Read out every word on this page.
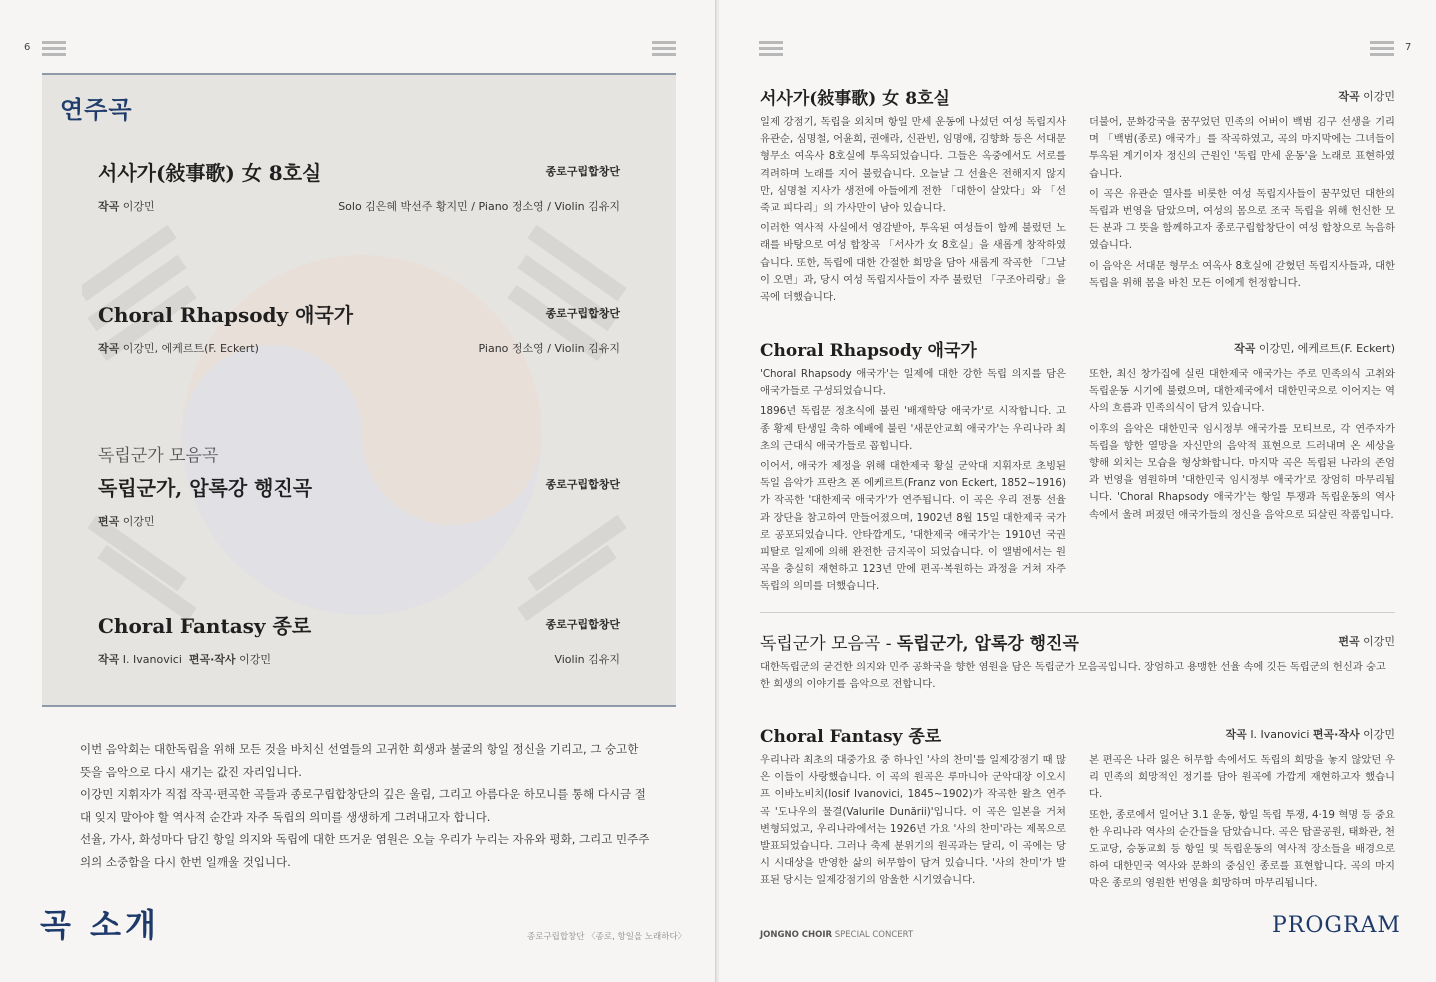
6
연주곡
서사가(敍事歌) 女 8호실	종로구립합창단
작곡 이강민	Solo 김은혜 박선주 황지민 / Piano 정소영 / Violin 김유지
Choral Rhapsody 애국가	종로구립합창단
작곡 이강민, 에케르트(F. Eckert)	Piano 정소영 / Violin 김유지
독립군가 모음곡
독립군가, 압록강 행진곡	종로구립합창단
편곡 이강민
Choral Fantasy 종로	종로구립합창단
작곡 I. Ivanovici 편곡·작사 이강민	Violin 김유지
이번 음악회는 대한독립을 위해 모든 것을 바치신 선열들의 고귀한 희생과 불굴의 항일 정신을 기리고, 그 숭고한 뜻을 음악으로 다시 새기는 값진 자리입니다.
이강민 지휘자가 직접 작곡·편곡한 곡들과 종로구립합창단의 깊은 울림, 그리고 아름다운 하모니를 통해 다시금 절대 잊지 말아야 할 역사적 순간과 자주 독립의 의미를 생생하게 그려내고자 합니다.
선율, 가사, 화성마다 담긴 항일 의지와 독립에 대한 뜨거운 염원은 오늘 우리가 누리는 자유와 평화, 그리고 민주주의의 소중함을 다시 한번 일깨울 것입니다.
곡 소개	종로구립합창단 〈종로, 항일을 노래하다〉
7
서사가(敍事歌) 女 8호실	작곡 이강민

일제 강점기, 독립을 외치며 항일 만세 운동에 나섰던 여성 독립지사 유관순, 심명철, 어윤희, 권애라, 신관빈, 임명애, 김향화 등은 서대문 형무소 여옥사 8호실에 투옥되었습니다. 그들은 옥중에서도 서로를 격려하며 노래를 지어 불렀습니다. 오늘날 그 선율은 전해지지 않지만, 심명철 지사가 생전에 아들에게 전한 「대한이 살았다」와 「선죽교 피다리」의 가사만이 남아 있습니다.

이러한 역사적 사실에서 영감받아, 투옥된 여성들이 함께 불렀던 노래를 바탕으로 여성 합창곡 「서사가 女 8호실」을 새롭게 창작하였습니다. 또한, 독립에 대한 간절한 희망을 담아 새롭게 작곡한 「그날이 오면」과, 당시 여성 독립지사들이 자주 불렀던 「구조아리랑」을 곡에 더했습니다.

더불어, 문화강국을 꿈꾸었던 민족의 어버이 백범 김구 선생을 기리며 「백범(종로) 애국가」를 작곡하였고, 곡의 마지막에는 그녀들이 투옥된 계기이자 정신의 근원인 '독립 만세 운동'을 노래로 표현하였습니다.

이 곡은 유관순 열사를 비롯한 여성 독립지사들이 꿈꾸었던 대한의 독립과 번영을 담았으며, 여성의 몸으로 조국 독립을 위해 헌신한 모든 분과 그 뜻을 함께하고자 종로구립합창단이 여성 합창으로 녹음하였습니다.

이 음악은 서대문 형무소 여옥사 8호실에 갇혔던 독립지사들과, 대한독립을 위해 몸을 바친 모든 이에게 헌정합니다.

Choral Rhapsody 애국가	작곡 이강민, 에케르트(F. Eckert)

'Choral Rhapsody 애국가'는 일제에 대한 강한 독립 의지를 담은 애국가들로 구성되었습니다.

1896년 독립문 정초식에 불린 '배재학당 애국가'로 시작합니다. 고종 황제 탄생일 축하 예배에 불린 '새문안교회 애국가'는 우리나라 최초의 근대식 애국가들로 꼽힙니다.

이어서, 애국가 제정을 위해 대한제국 황실 군악대 지휘자로 초빙된 독일 음악가 프란츠 폰 에케르트(Franz von Eckert, 1852~1916)가 작곡한 '대한제국 애국가'가 연주됩니다. 이 곡은 우리 전통 선율과 장단을 참고하여 만들어졌으며, 1902년 8월 15일 대한제국 국가로 공포되었습니다. 안타깝게도, '대한제국 애국가'는 1910년 국권 피탈로 일제에 의해 완전한 금지곡이 되었습니다. 이 앨범에서는 원곡을 충실히 재현하고 123년 만에 편곡·복원하는 과정을 거쳐 자주독립의 의미를 더했습니다.

또한, 최신 창가집에 실린 대한제국 애국가는 주로 민족의식 고취와 독립운동 시기에 불렸으며, 대한제국에서 대한민국으로 이어지는 역사의 흐름과 민족의식이 담겨 있습니다.

이후의 음악은 대한민국 임시정부 애국가를 모티브로, 각 연주자가 독립을 향한 열망을 자신만의 음악적 표현으로 드러내며 온 세상을 향해 외치는 모습을 형상화합니다. 마지막 곡은 독립된 나라의 존엄과 번영을 염원하며 '대한민국 임시정부 애국가'로 장엄히 마무리됩니다. 'Choral Rhapsody 애국가'는 항일 투쟁과 독립운동의 역사 속에서 울려 퍼졌던 애국가들의 정신을 음악으로 되살린 작품입니다.

독립군가 모음곡 - 독립군가, 압록강 행진곡	편곡 이강민

대한독립군의 굳건한 의지와 민주 공화국을 향한 염원을 담은 독립군가 모음곡입니다. 장엄하고 용맹한 선율 속에 깃든 독립군의 헌신과 숭고한 희생의 이야기를 음악으로 전합니다.

Choral Fantasy 종로	작곡 I. Ivanovici 편곡·작사 이강민

우리나라 최초의 대중가요 중 하나인 '사의 찬미'를 일제강점기 때 많은 이들이 사랑했습니다. 이 곡의 원곡은 루마니아 군악대장 이오시프 이바노비치(Iosif Ivanovici, 1845~1902)가 작곡한 왈츠 연주곡 '도나우의 물결(Valurile Dunării)'입니다. 이 곡은 일본을 거쳐 변형되었고, 우리나라에서는 1926년 가요 '사의 찬미'라는 제목으로 발표되었습니다. 그러나 축제 분위기의 원곡과는 달리, 이 곡에는 당시 시대상을 반영한 삶의 허무함이 담겨 있습니다. '사의 찬미'가 발표된 당시는 일제강점기의 암울한 시기였습니다.

본 편곡은 나라 잃은 허무함 속에서도 독립의 희망을 놓지 않았던 우리 민족의 희망적인 정기를 담아 원곡에 가깝게 재현하고자 했습니다.

또한, 종로에서 일어난 3.1 운동, 항일 독립 투쟁, 4·19 혁명 등 중요한 우리나라 역사의 순간들을 담았습니다. 곡은 탑골공원, 태화관, 천도교당, 승동교회 등 항일 및 독립운동의 역사적 장소들을 배경으로 하여 대한민국 역사와 문화의 중심인 종로를 표현합니다. 곡의 마지막은 종로의 영원한 번영을 희망하며 마무리됩니다.

JONGNO CHOIR SPECIAL CONCERT	PROGRAM
